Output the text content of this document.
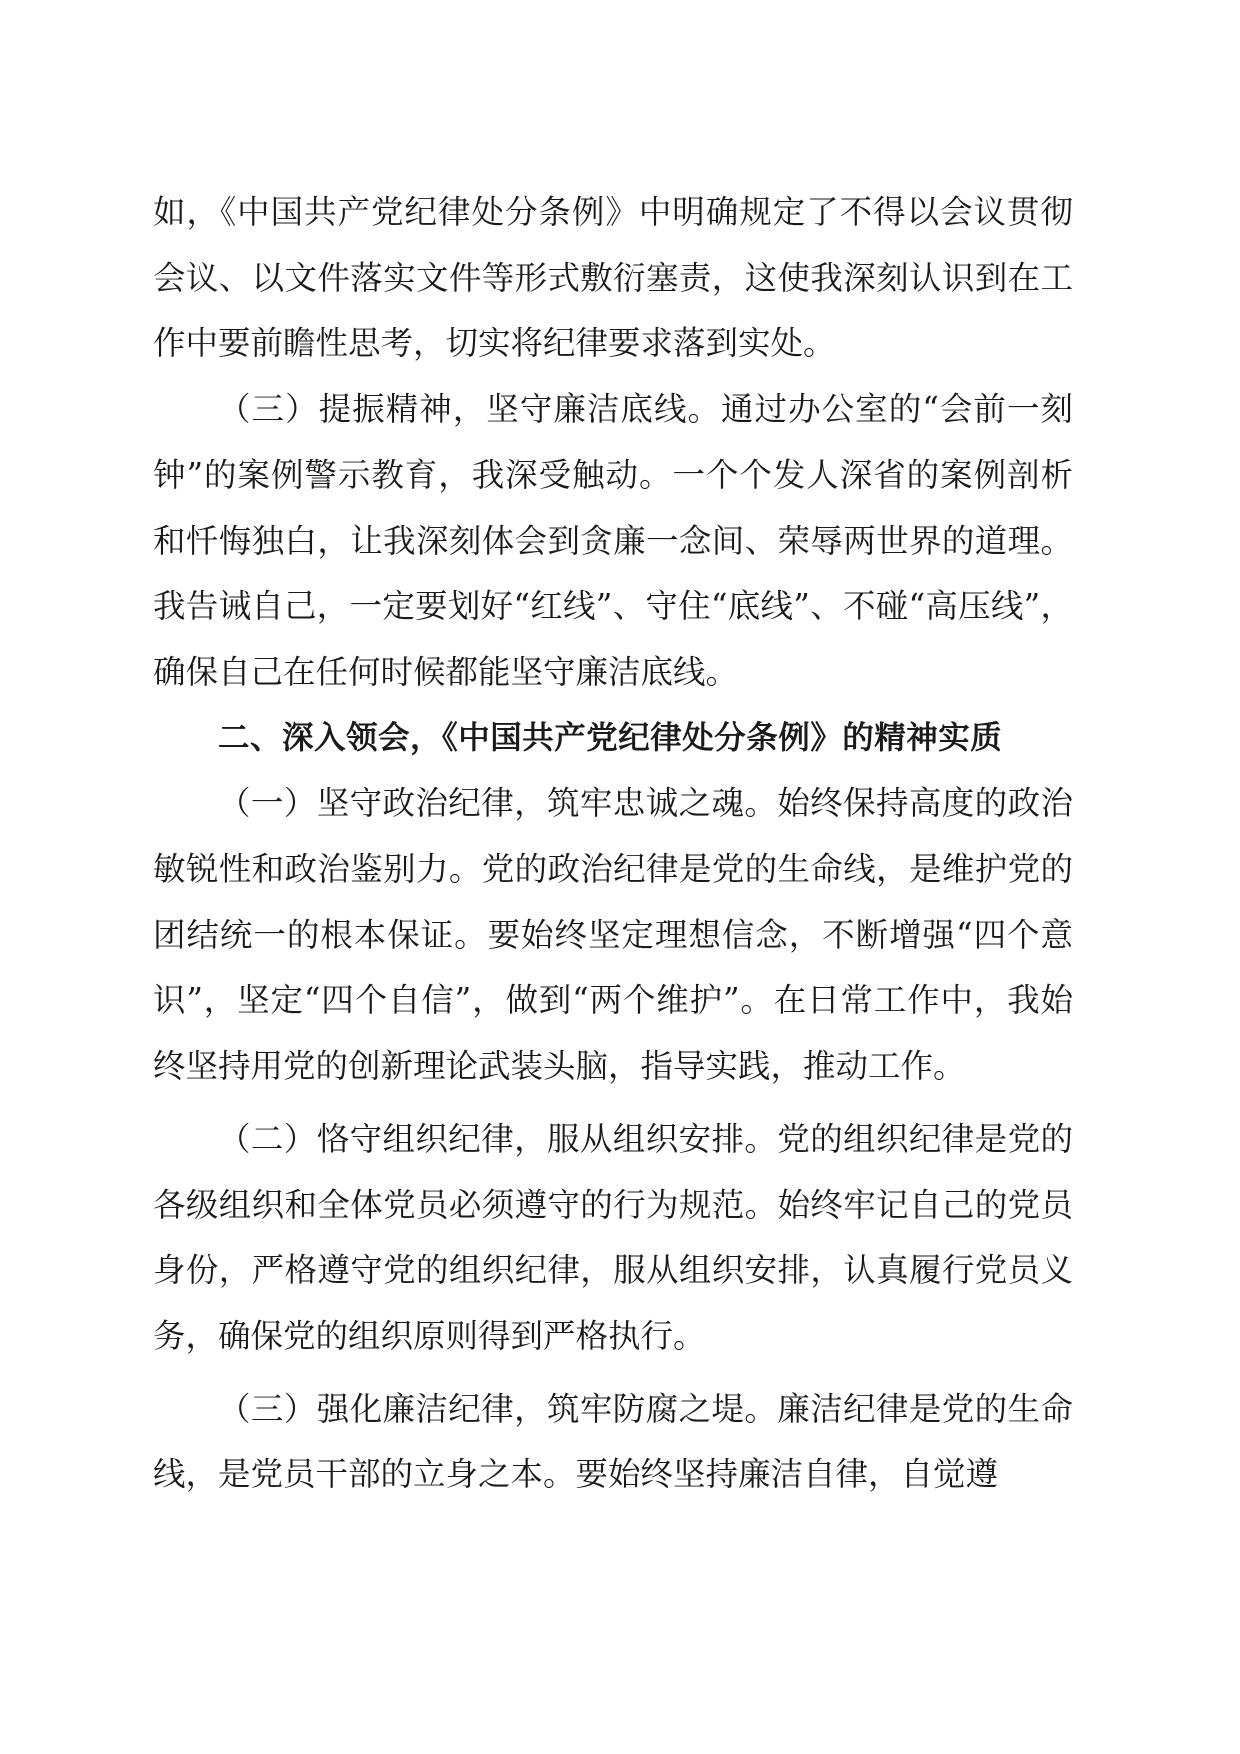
如，《中国共产党纪律处分条例》中明确规定了不得以会议贯彻会议、以文件落实文件等形式敷衍塞责，这使我深刻认识到在工作中要前瞻性思考，切实将纪律要求落到实处。

（三）提振精神，坚守廉洁底线。通过办公室的“会前一刻钟”的案例警示教育，我深受触动。一个个发人深省的案例剖析和忏悔独白，让我深刻体会到贪廉一念间、荣辱两世界的道理。我告诫自己，一定要划好“红线”、守住“底线”、不碰“高压线”，确保自己在任何时候都能坚守廉洁底线。

二、深入领会，《中国共产党纪律处分条例》的精神实质

（一）坚守政治纪律，筑牢忠诚之魂。始终保持高度的政治敏锐性和政治鉴别力。党的政治纪律是党的生命线，是维护党的团结统一的根本保证。要始终坚定理想信念，不断增强“四个意识”，坚定“四个自信”，做到“两个维护”。在日常工作中，我始终坚持用党的创新理论武装头脑，指导实践，推动工作。

（二）恪守组织纪律，服从组织安排。党的组织纪律是党的各级组织和全体党员必须遵守的行为规范。始终牢记自己的党员身份，严格遵守党的组织纪律，服从组织安排，认真履行党员义务，确保党的组织原则得到严格执行。

（三）强化廉洁纪律，筑牢防腐之堤。廉洁纪律是党的生命线，是党员干部的立身之本。要始终坚持廉洁自律，自觉遵
